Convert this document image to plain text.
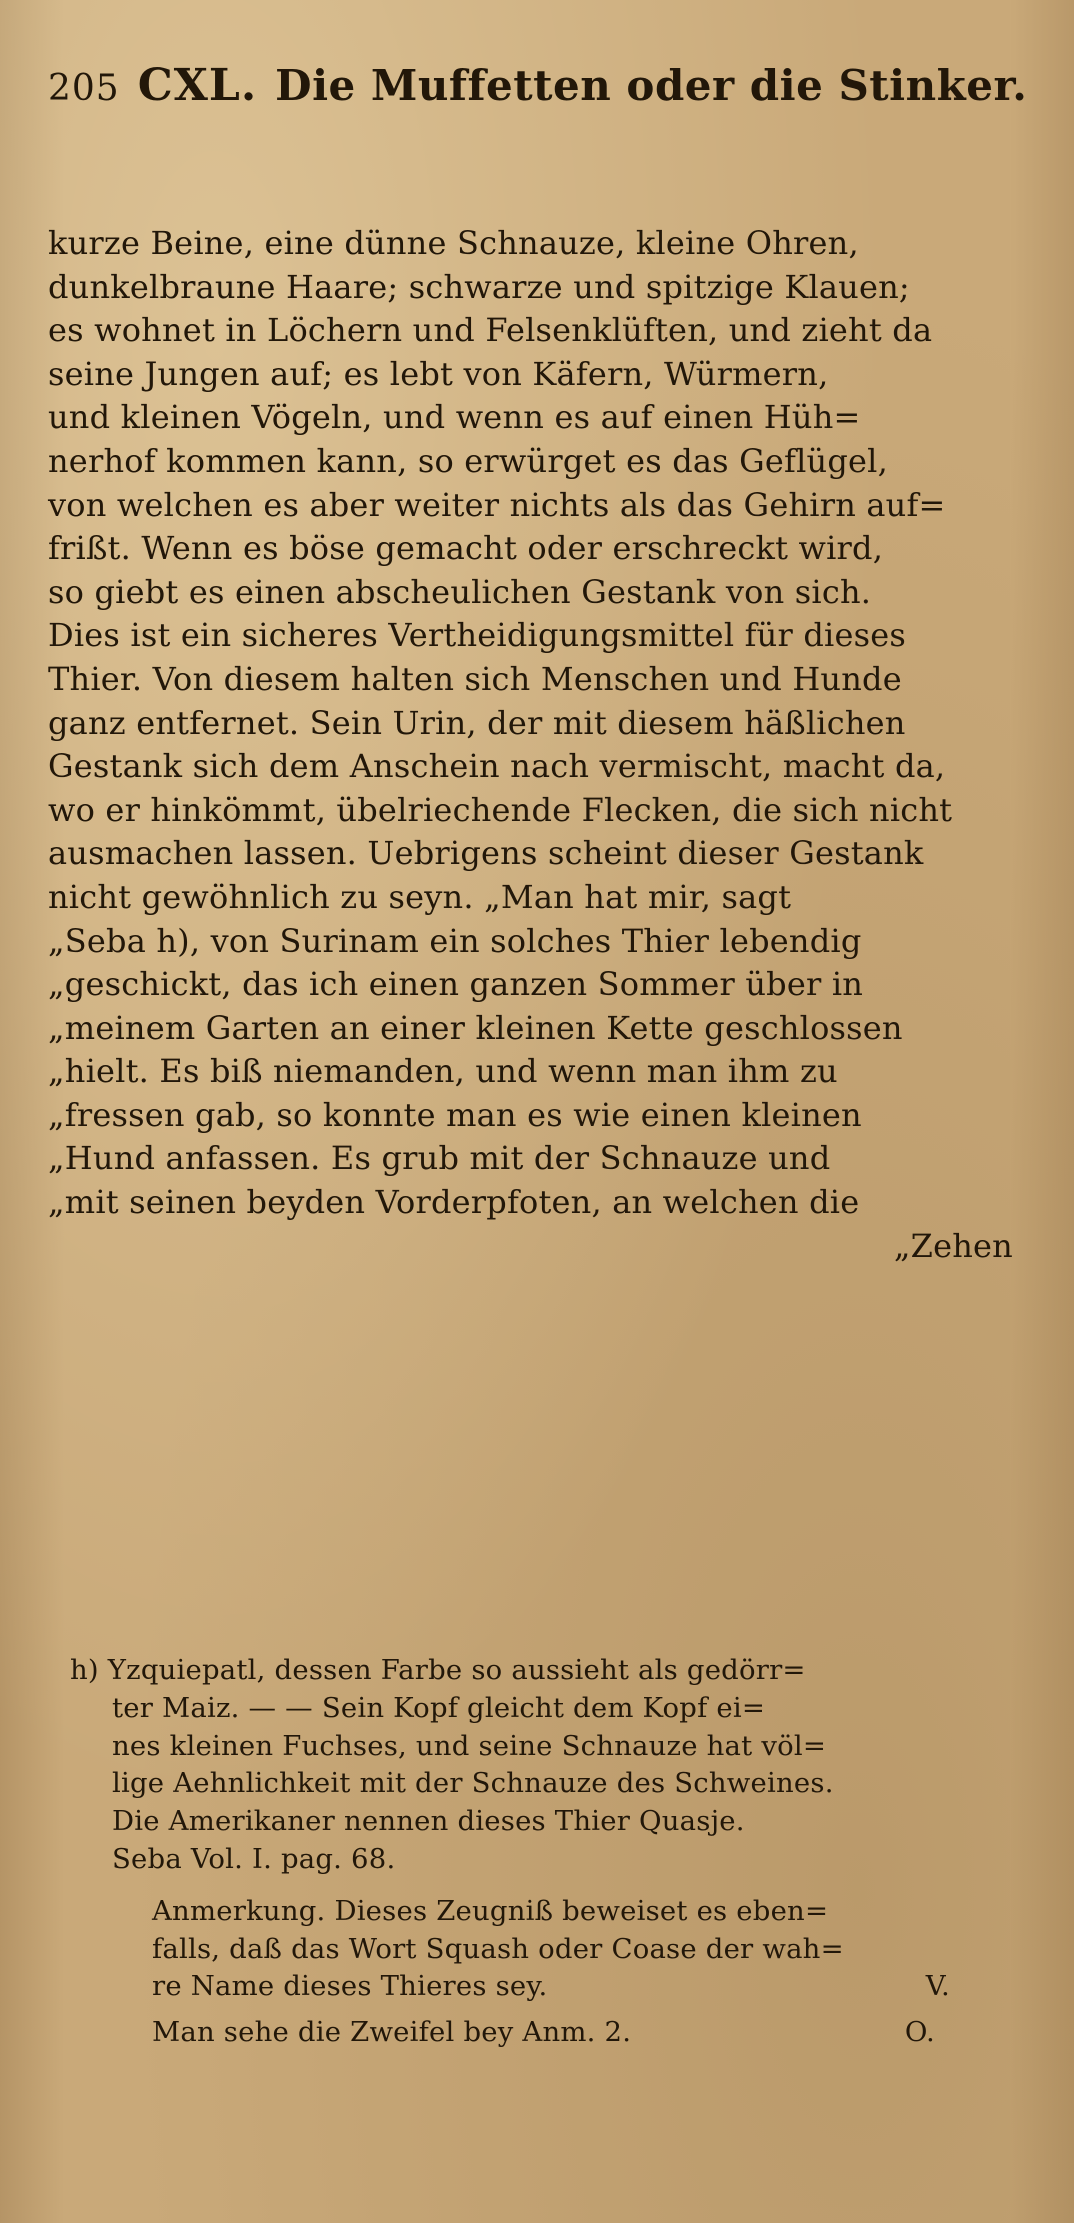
205 CXL. Die Muffetten oder die Stinker.
kurze Beine, eine dünne Schnauze, kleine Ohren,
dunkelbraune Haare; schwarze und spitzige Klauen;
es wohnet in Löchern und Felsenklüften, und zieht da
seine Jungen auf; es lebt von Käfern, Würmern,
und kleinen Vögeln, und wenn es auf einen Hüh=
nerhof kommen kann, so erwürget es das Geflügel,
von welchen es aber weiter nichts als das Gehirn auf=
frißt. Wenn es böse gemacht oder erschreckt wird,
so giebt es einen abscheulichen Gestank von sich.
Dies ist ein sicheres Vertheidigungsmittel für dieses
Thier. Von diesem halten sich Menschen und Hunde
ganz entfernet. Sein Urin, der mit diesem häßlichen
Gestank sich dem Anschein nach vermischt, macht da,
wo er hinkömmt, übelriechende Flecken, die sich nicht
ausmachen lassen. Uebrigens scheint dieser Gestank
nicht gewöhnlich zu seyn. „Man hat mir, sagt
„Seba h), von Surinam ein solches Thier lebendig
„geschickt, das ich einen ganzen Sommer über in
„meinem Garten an einer kleinen Kette geschlossen
„hielt. Es biß niemanden, und wenn man ihm zu
„fressen gab, so konnte man es wie einen kleinen
„Hund anfassen. Es grub mit der Schnauze und
„mit seinen beyden Vorderpfoten, an welchen die
„Zehen
h) Yzquiepatl, dessen Farbe so aussieht als gedörr=
ter Maiz. — — Sein Kopf gleicht dem Kopf ei=
nes kleinen Fuchses, und seine Schnauze hat völ=
lige Aehnlichkeit mit der Schnauze des Schweines.
Die Amerikaner nennen dieses Thier Quasje.
Seba Vol. I. pag. 68.
Anmerkung. Dieses Zeugniß beweiset es eben=
falls, daß das Wort Squash oder Coase der wah=
re Name dieses Thieres sey.	V.
Man sehe die Zweifel bey Anm. 2.	O.
